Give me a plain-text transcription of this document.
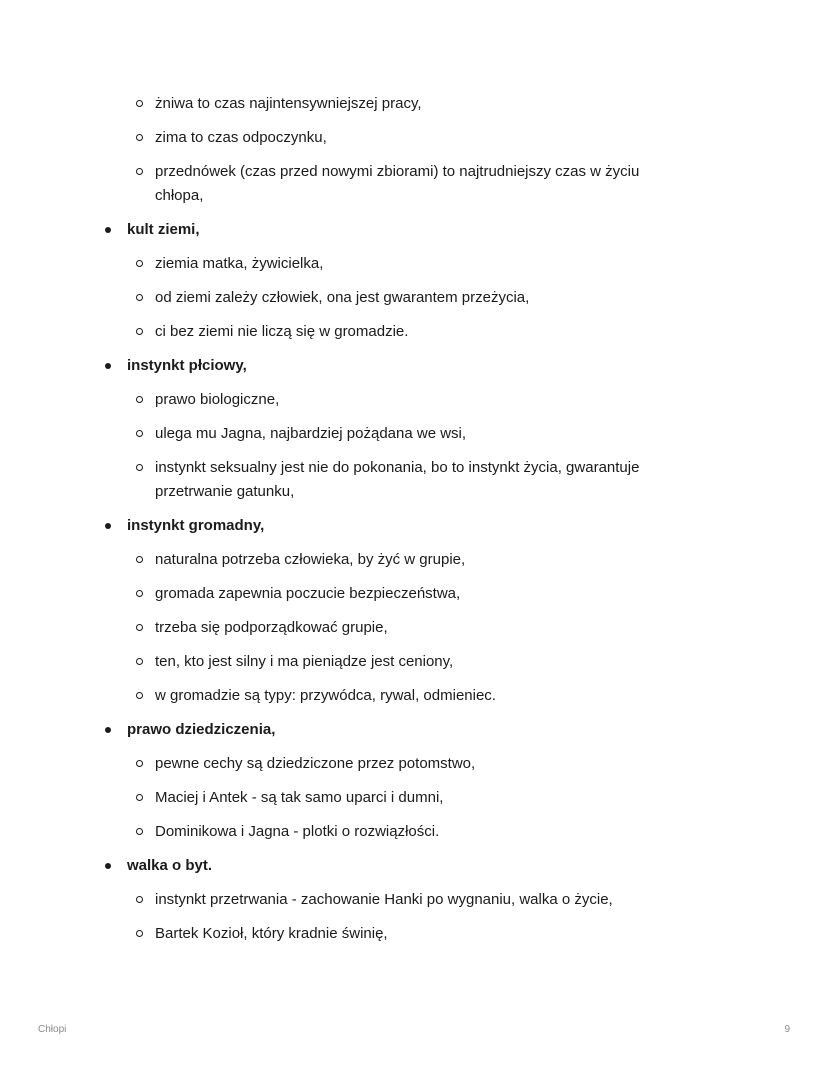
żniwa to czas najintensywniejszej pracy,
zima to czas odpoczynku,
przednówek (czas przed nowymi zbiorami) to najtrudniejszy czas w życiu chłopa,
kult ziemi,
ziemia matka, żywicielka,
od ziemi zależy człowiek, ona jest gwarantem przeżycia,
ci bez ziemi nie liczą się w gromadzie.
instynkt płciowy,
prawo biologiczne,
ulega mu Jagna, najbardziej pożądana we wsi,
instynkt seksualny jest nie do pokonania, bo to instynkt życia, gwarantuje przetrwanie gatunku,
instynkt gromadny,
naturalna potrzeba człowieka, by żyć w grupie,
gromada zapewnia poczucie bezpieczeństwa,
trzeba się podporządkować grupie,
ten, kto jest silny i ma pieniądze jest ceniony,
w gromadzie są typy: przywódca, rywal, odmieniec.
prawo dziedziczenia,
pewne cechy są dziedziczone przez potomstwo,
Maciej i Antek - są tak samo uparci i dumni,
Dominikowa i Jagna - plotki o rozwiązłości.
walka o byt.
instynkt przetrwania - zachowanie Hanki po wygnaniu, walka o życie,
Bartek Kozioł, który kradnie świnię,
Chłopi	9
